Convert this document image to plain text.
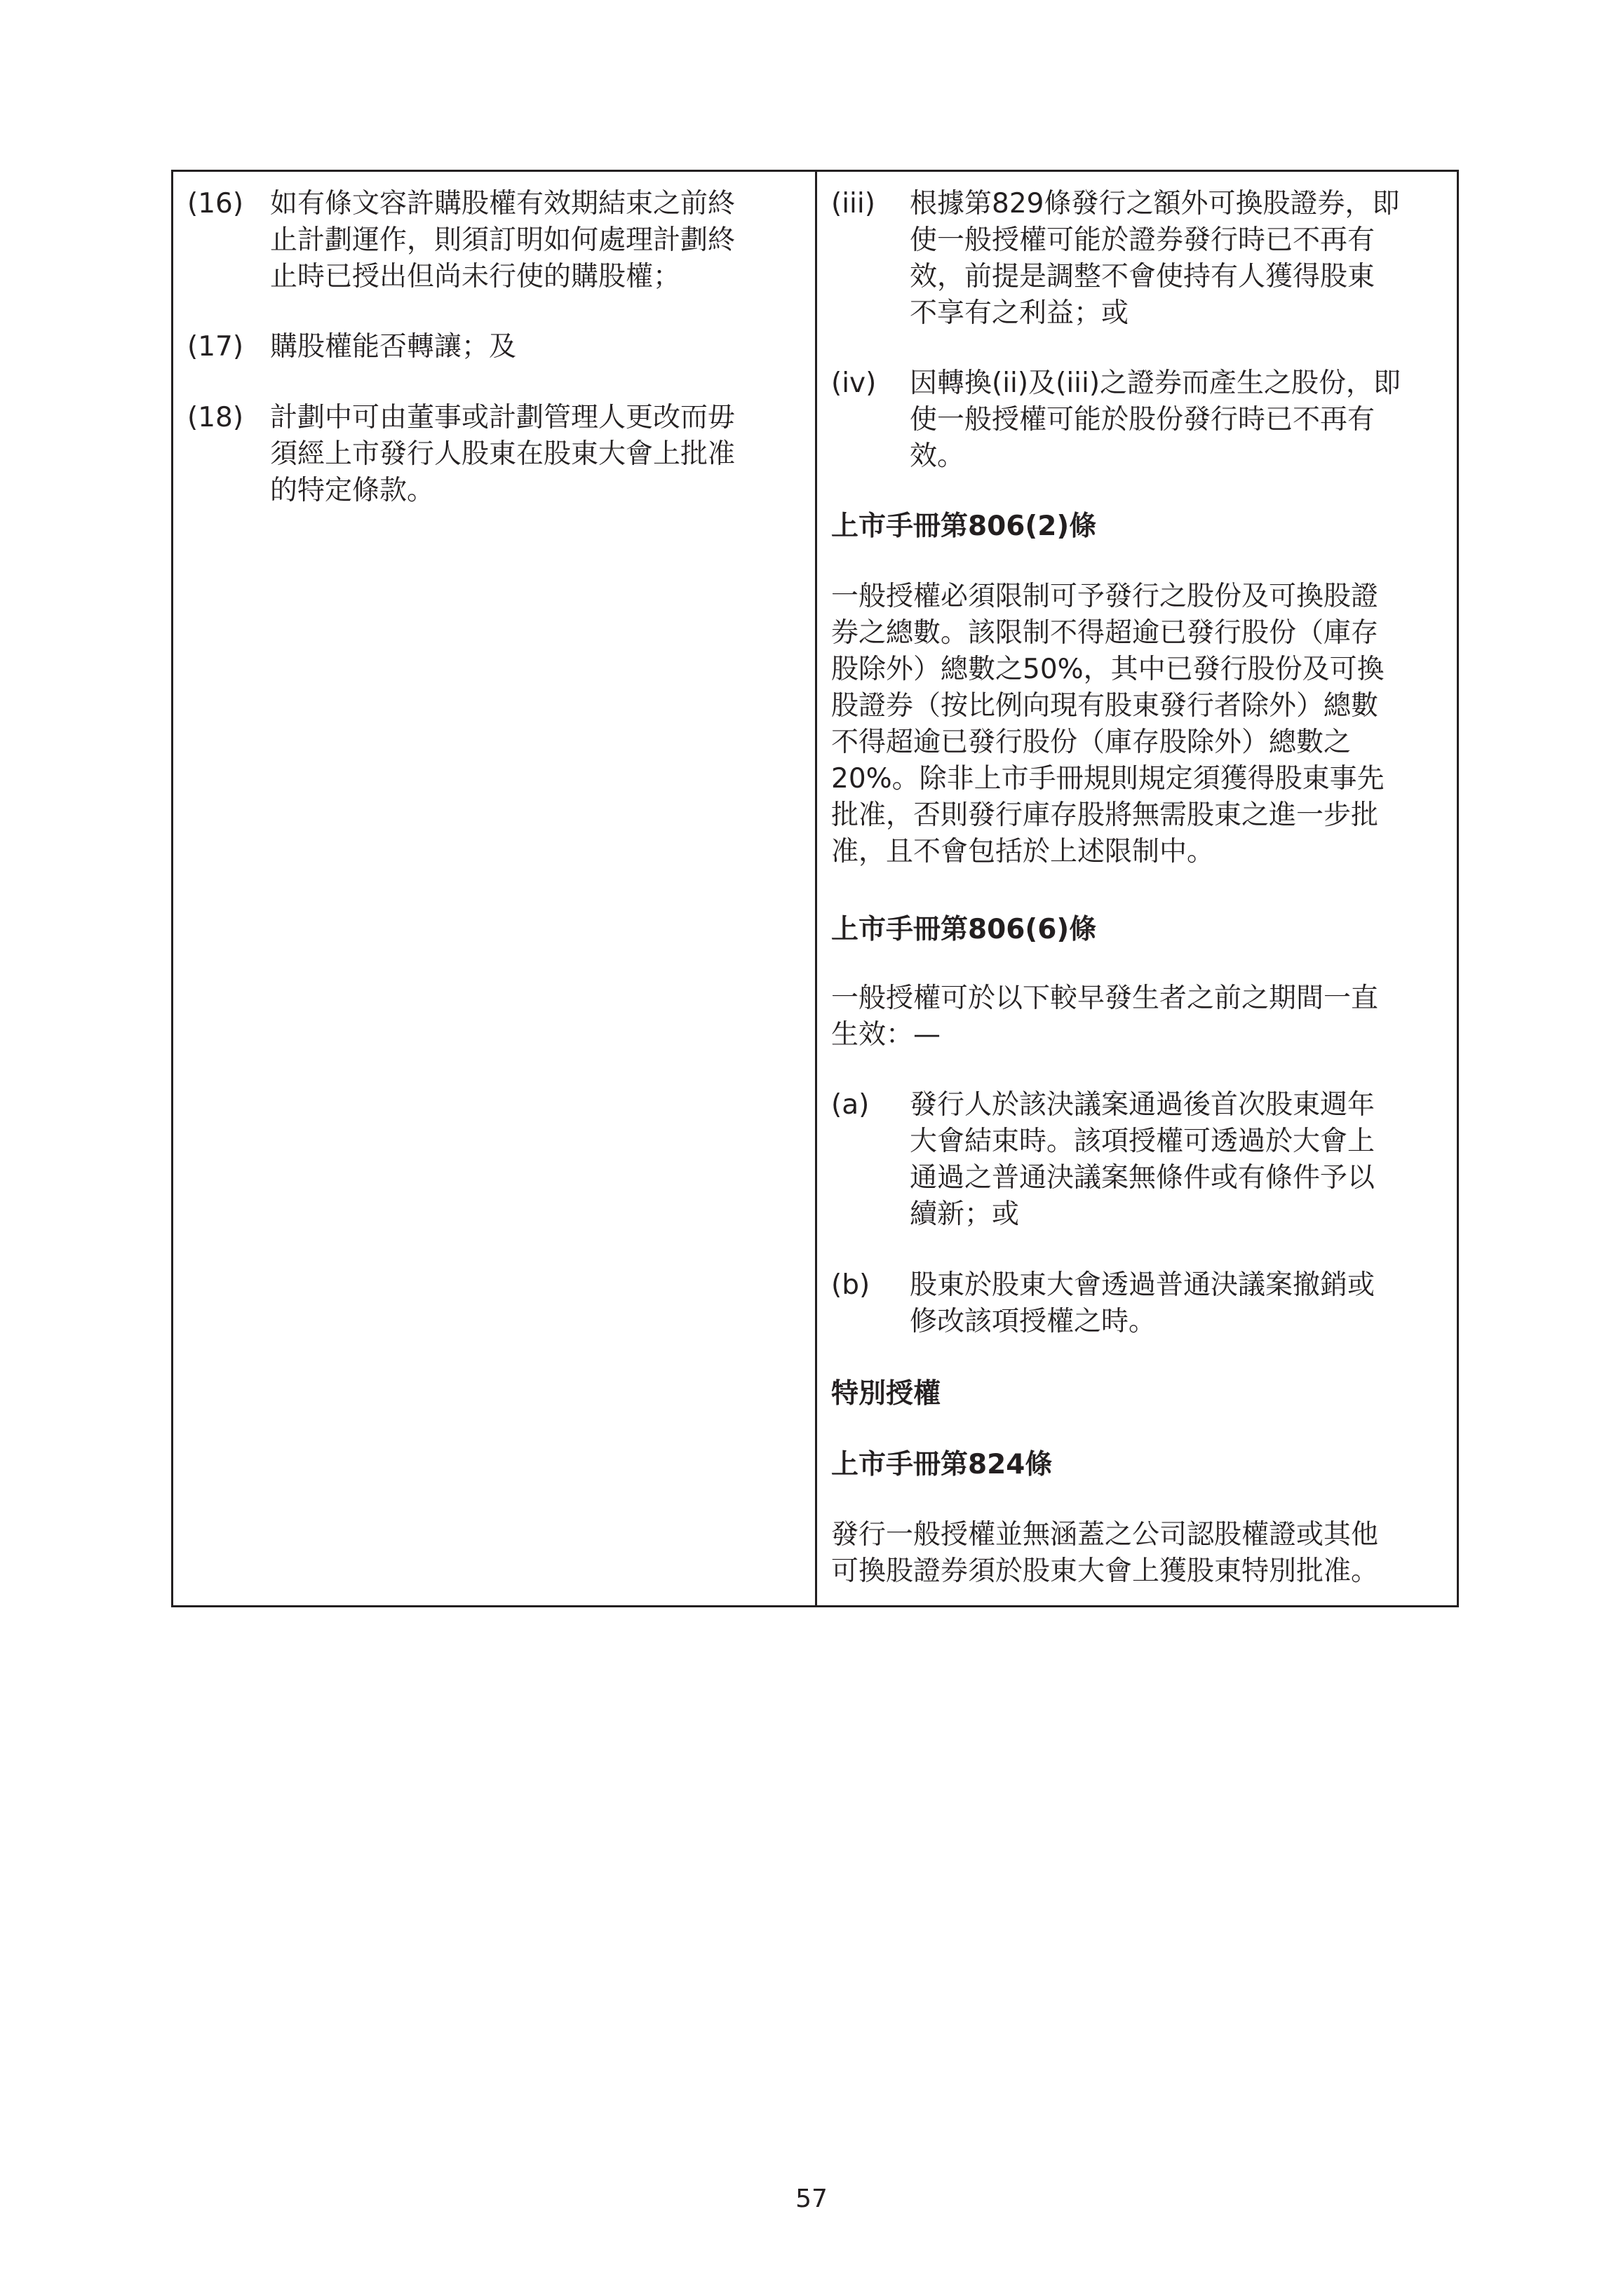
(16) 如有條文容許購股權有效期結束之前終
止計劃運作，則須訂明如何處理計劃終
止時已授出但尚未行使的購股權；
(17) 購股權能否轉讓；及
(18) 計劃中可由董事或計劃管理人更改而毋
須經上市發行人股東在股東大會上批准
的特定條款。
(iii) 根據第829條發行之額外可換股證券，即
使一般授權可能於證券發行時已不再有
效，前提是調整不會使持有人獲得股東
不享有之利益；或
(iv) 因轉換(ii)及(iii)之證券而產生之股份，即
使一般授權可能於股份發行時已不再有
效。
上市手冊第806(2)條
一般授權必須限制可予發行之股份及可換股證
券之總數。該限制不得超逾已發行股份（庫存
股除外）總數之50%，其中已發行股份及可換
股證券（按比例向現有股東發行者除外）總數
不得超逾已發行股份（庫存股除外）總數之
20%。除非上市手冊規則規定須獲得股東事先
批准，否則發行庫存股將無需股東之進一步批
准，且不會包括於上述限制中。
上市手冊第806(6)條
一般授權可於以下較早發生者之前之期間一直
生效：—
(a) 發行人於該決議案通過後首次股東週年
大會結束時。該項授權可透過於大會上
通過之普通決議案無條件或有條件予以
續新；或
(b) 股東於股東大會透過普通決議案撤銷或
修改該項授權之時。
特別授權
上市手冊第824條
發行一般授權並無涵蓋之公司認股權證或其他
可換股證券須於股東大會上獲股東特別批准。
57
